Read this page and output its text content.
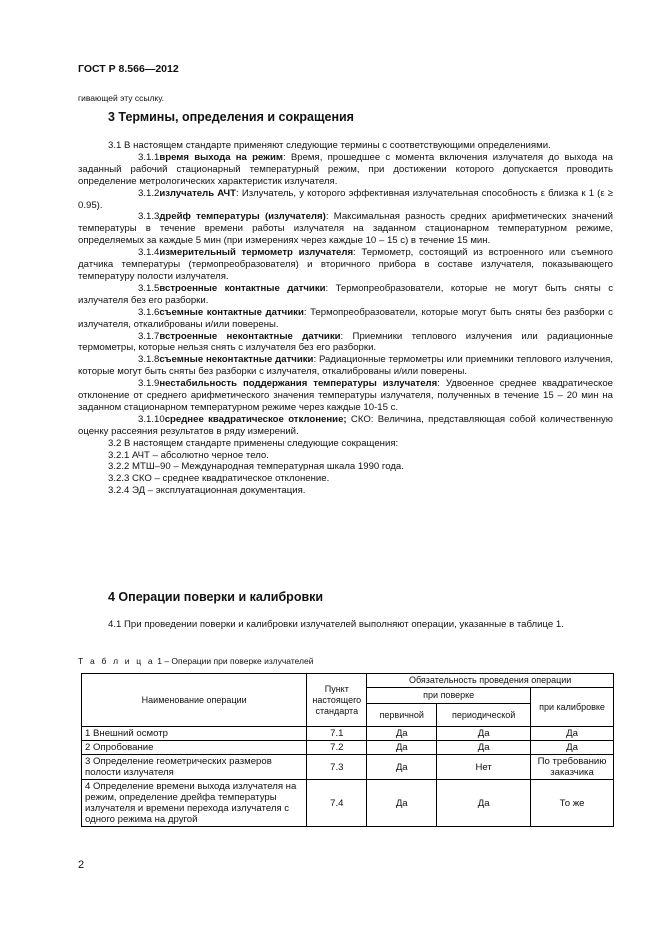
ГОСТ Р 8.566—2012
гивающей эту ссылку.
3 Термины, определения и сокращения

3.1 В настоящем стандарте применяют следующие термины с соответствующими определениями.

3.1.1время выхода на режим: Время, прошедшее с момента включения излучателя до выхода на заданный рабочий стационарный температурный режим, при достижении которого допускается проводить определение метрологических характеристик излучателя.

3.1.2излучатель АЧТ: Излучатель, у которого эффективная излучательная способность ε близка к 1 (ε ≥ 0.95).

3.1.3дрейф температуры (излучателя): Максимальная разность средних арифметических значений температуры в течение времени работы излучателя на заданном стационарном температурном режиме, определяемых за каждые 5 мин (при измерениях через каждые 10 – 15 с) в течение 15 мин.

3.1.4измерительный термометр излучателя: Термометр, состоящий из встроенного или съемного датчика температуры (термопреобразователя) и вторичного прибора в составе излучателя, показывающего температуру полости излучателя.

3.1.5встроенные контактные датчики: Термопреобразователи, которые не могут быть сняты с излучателя без его разборки.

3.1.6съемные контактные датчики: Термопреобразователи, которые могут быть сняты без разборки с излучателя, откалиброваны и/или поверены.

3.1.7встроенные неконтактные датчики: Приемники теплового излучения или радиационные термометры, которые нельзя снять с излучателя без его разборки.

3.1.8съемные неконтактные датчики: Радиационные термометры или приемники теплового излучения, которые могут быть сняты без разборки с излучателя, откалиброваны и/или поверены.

3.1.9нестабильность поддержания температуры излучателя: Удвоенное среднее квадратическое отклонение от среднего арифметического значения температуры излучателя, полученных в течение 15 – 20 мин на заданном стационарном температурном режиме через каждые 10-15 с.

3.1.10среднее квадратическое отклонение; СКО: Величина, представляющая собой количественную оценку рассеяния результатов в ряду измерений.

3.2 В настоящем стандарте применены следующие сокращения:

3.2.1 АЧТ – абсолютно черное тело.

3.2.2 МТШ–90 – Международная температурная шкала 1990 года.

3.2.3 СКО – среднее квадратическое отклонение.

3.2.4 ЭД – эксплуатационная документация.

4 Операции поверки и калибровки

4.1 При проведении поверки и калибровки излучателей выполняют операции, указанные в таблице 1.

Т а б л и ц а 1 – Операции при поверке излучателей
Наименование операции	Пункт настоящего стандарта	Обязательность проведения операции		
		при поверке		при калибровке
		первичной	периодической	
1 Внешний осмотр	7.1	Да	Да	Да
2 Опробование	7.2	Да	Да	Да
3 Определение геометрических размеров полости излучателя	7.3	Да	Нет	По требованию заказчика
4 Определение времени выхода излучателя на режим, определение дрейфа температуры излучателя и времени перехода излучателя с одного режима на другой	7.4	Да	Да	То же
2
